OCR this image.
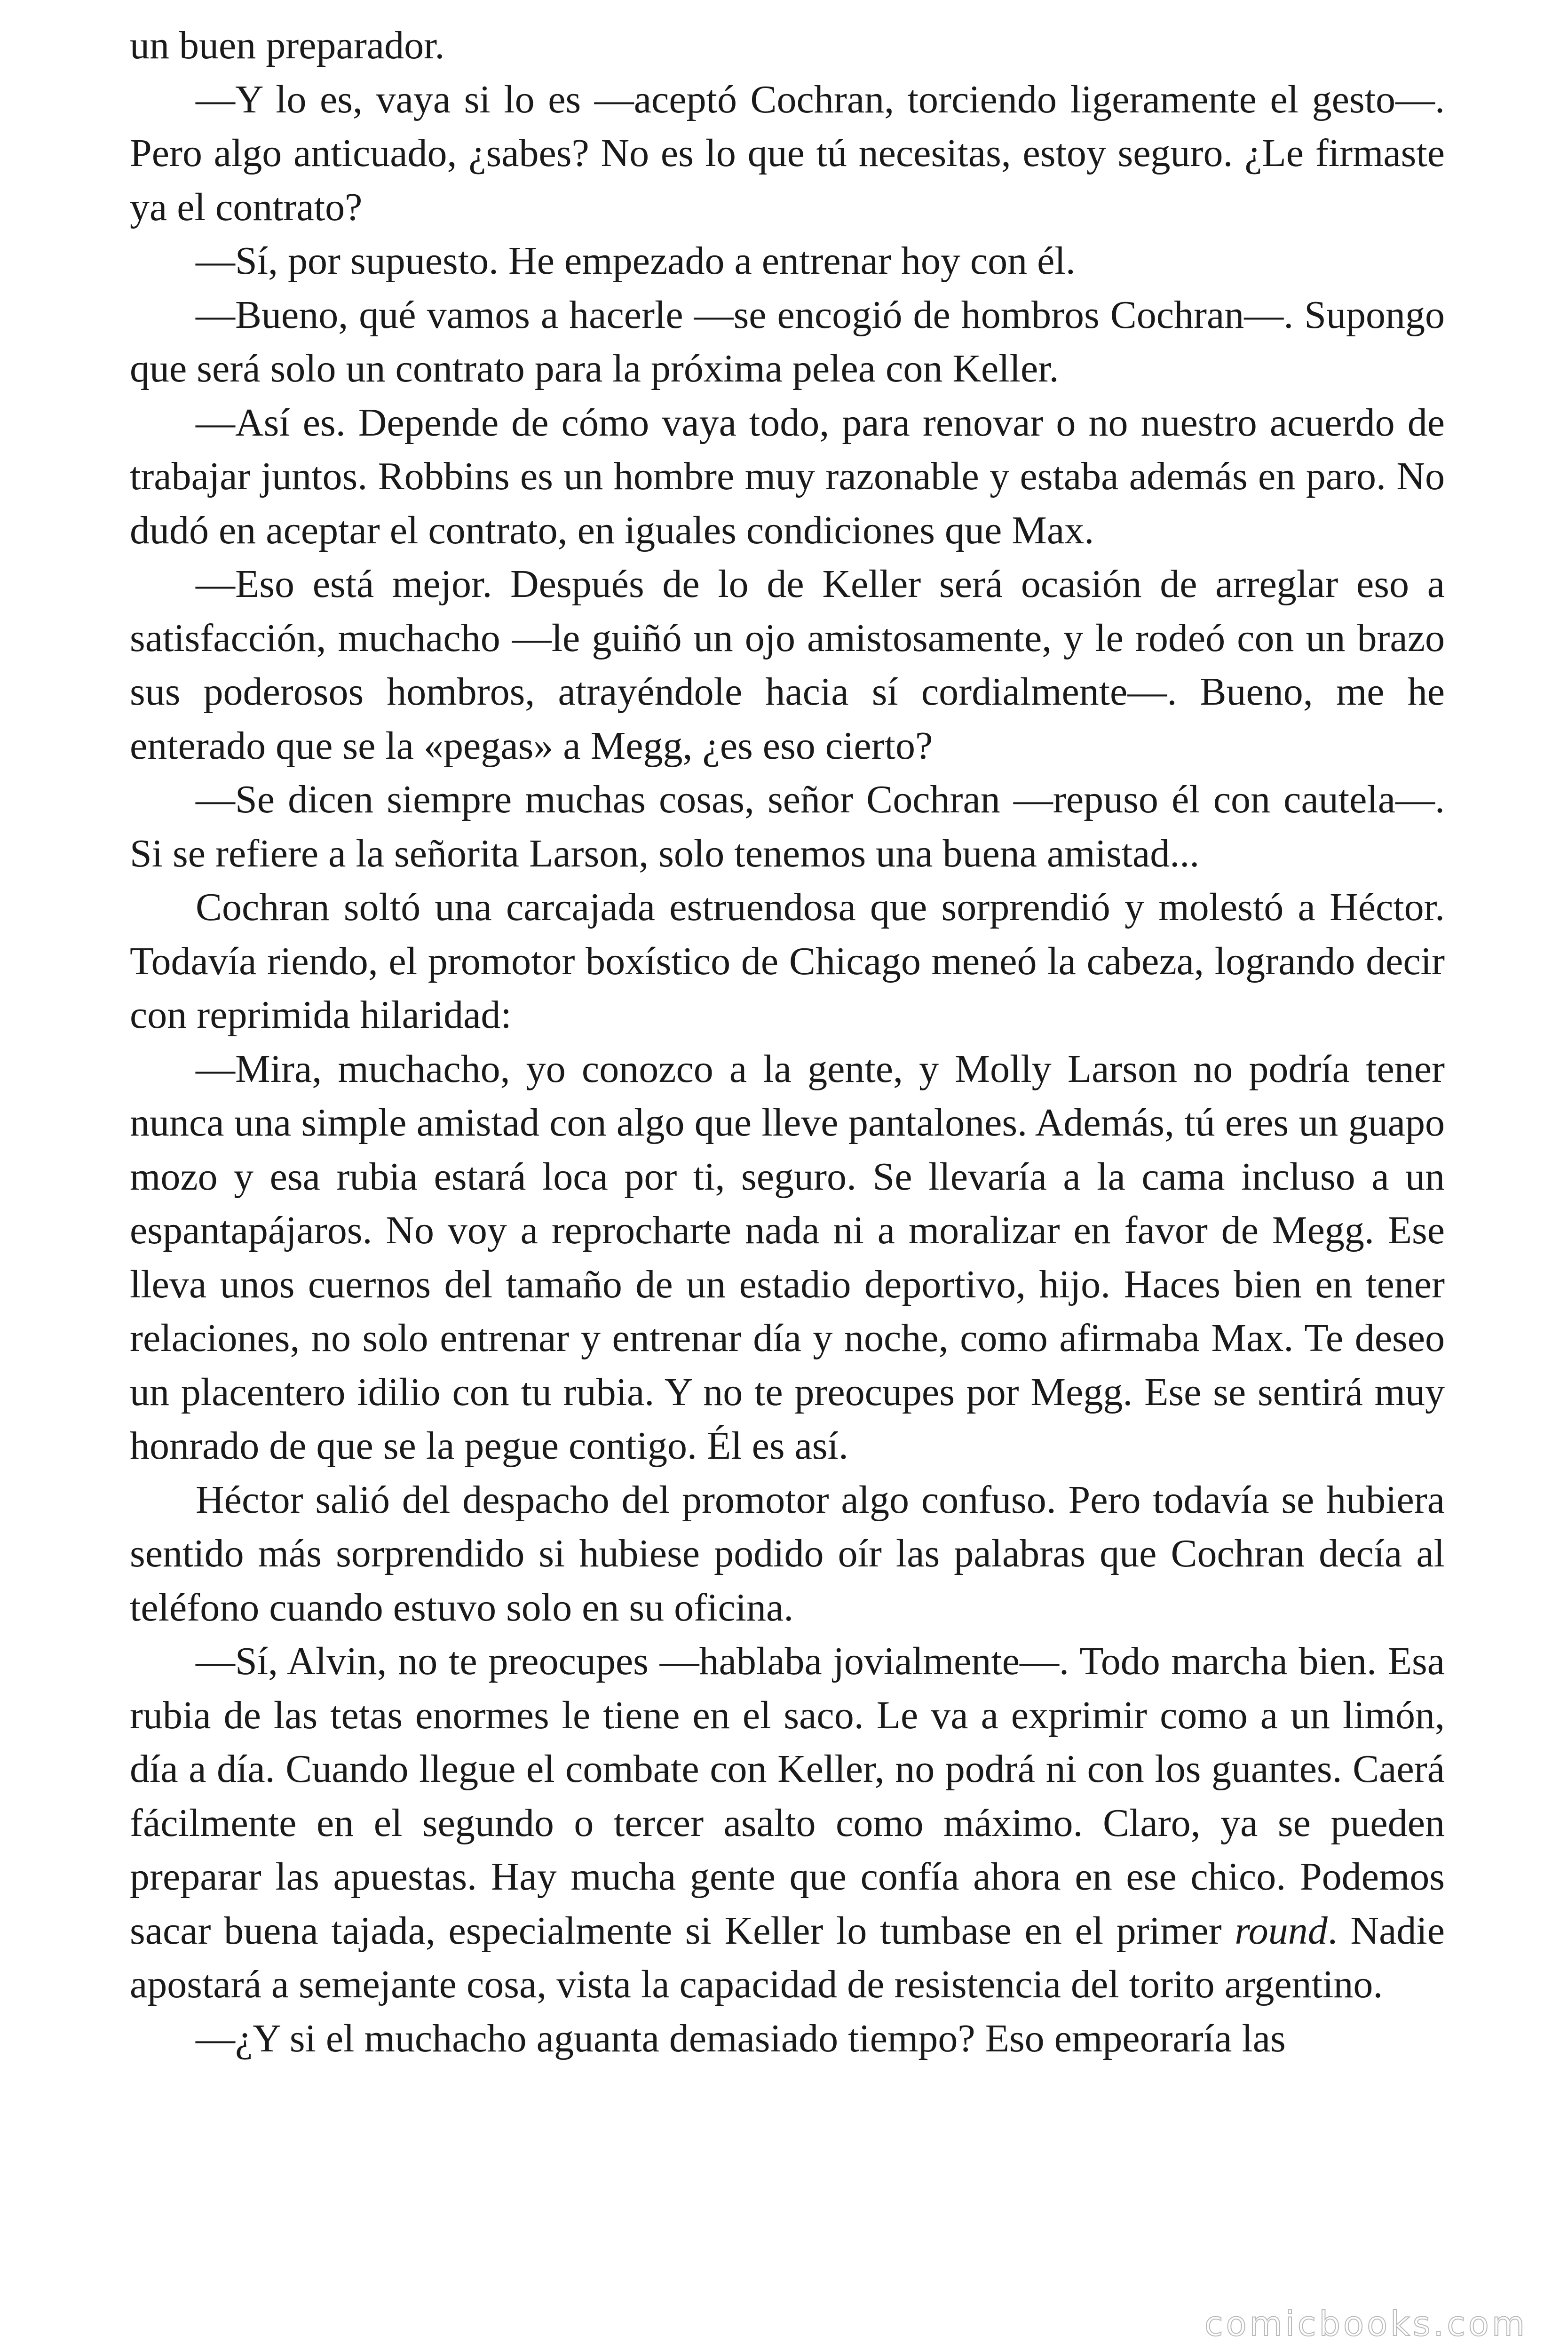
un buen preparador.

—Y lo es, vaya si lo es —aceptó Cochran, torciendo ligeramente el gesto—. Pero algo anticuado, ¿sabes? No es lo que tú necesitas, estoy seguro. ¿Le firmaste ya el contrato?

—Sí, por supuesto. He empezado a entrenar hoy con él.

—Bueno, qué vamos a hacerle —se encogió de hombros Cochran—. Supongo que será solo un contrato para la próxima pelea con Keller.

—Así es. Depende de cómo vaya todo, para renovar o no nuestro acuerdo de trabajar juntos. Robbins es un hombre muy razonable y estaba además en paro. No dudó en aceptar el contrato, en iguales condiciones que Max.

—Eso está mejor. Después de lo de Keller será ocasión de arreglar eso a satisfacción, muchacho —le guiñó un ojo amistosamente, y le rodeó con un brazo sus poderosos hombros, atrayéndole hacia sí cordialmente—. Bueno, me he enterado que se la «pegas» a Megg, ¿es eso cierto?

—Se dicen siempre muchas cosas, señor Cochran —repuso él con cautela—. Si se refiere a la señorita Larson, solo tenemos una buena amistad...

Cochran soltó una carcajada estruendosa que sorprendió y molestó a Héctor. Todavía riendo, el promotor boxístico de Chicago meneó la cabeza, logrando decir con reprimida hilaridad:

—Mira, muchacho, yo conozco a la gente, y Molly Larson no podría tener nunca una simple amistad con algo que lleve pantalones. Además, tú eres un guapo mozo y esa rubia estará loca por ti, seguro. Se llevaría a la cama incluso a un espantapájaros. No voy a reprocharte nada ni a moralizar en favor de Megg. Ese lleva unos cuernos del tamaño de un estadio deportivo, hijo. Haces bien en tener relaciones, no solo entrenar y entrenar día y noche, como afirmaba Max. Te deseo un placentero idilio con tu rubia. Y no te preocupes por Megg. Ese se sentirá muy honrado de que se la pegue contigo. Él es así.

Héctor salió del despacho del promotor algo confuso. Pero todavía se hubiera sentido más sorprendido si hubiese podido oír las palabras que Cochran decía al teléfono cuando estuvo solo en su oficina.

—Sí, Alvin, no te preocupes —hablaba jovialmente—. Todo marcha bien. Esa rubia de las tetas enormes le tiene en el saco. Le va a exprimir como a un limón, día a día. Cuando llegue el combate con Keller, no podrá ni con los guantes. Caerá fácilmente en el segundo o tercer asalto como máximo. Claro, ya se pueden preparar las apuestas. Hay mucha gente que confía ahora en ese chico. Podemos sacar buena tajada, especialmente si Keller lo tumbase en el primer round. Nadie apostará a semejante cosa, vista la capacidad de resistencia del torito argentino.

—¿Y si el muchacho aguanta demasiado tiempo? Eso empeoraría las

comicbooks.com
